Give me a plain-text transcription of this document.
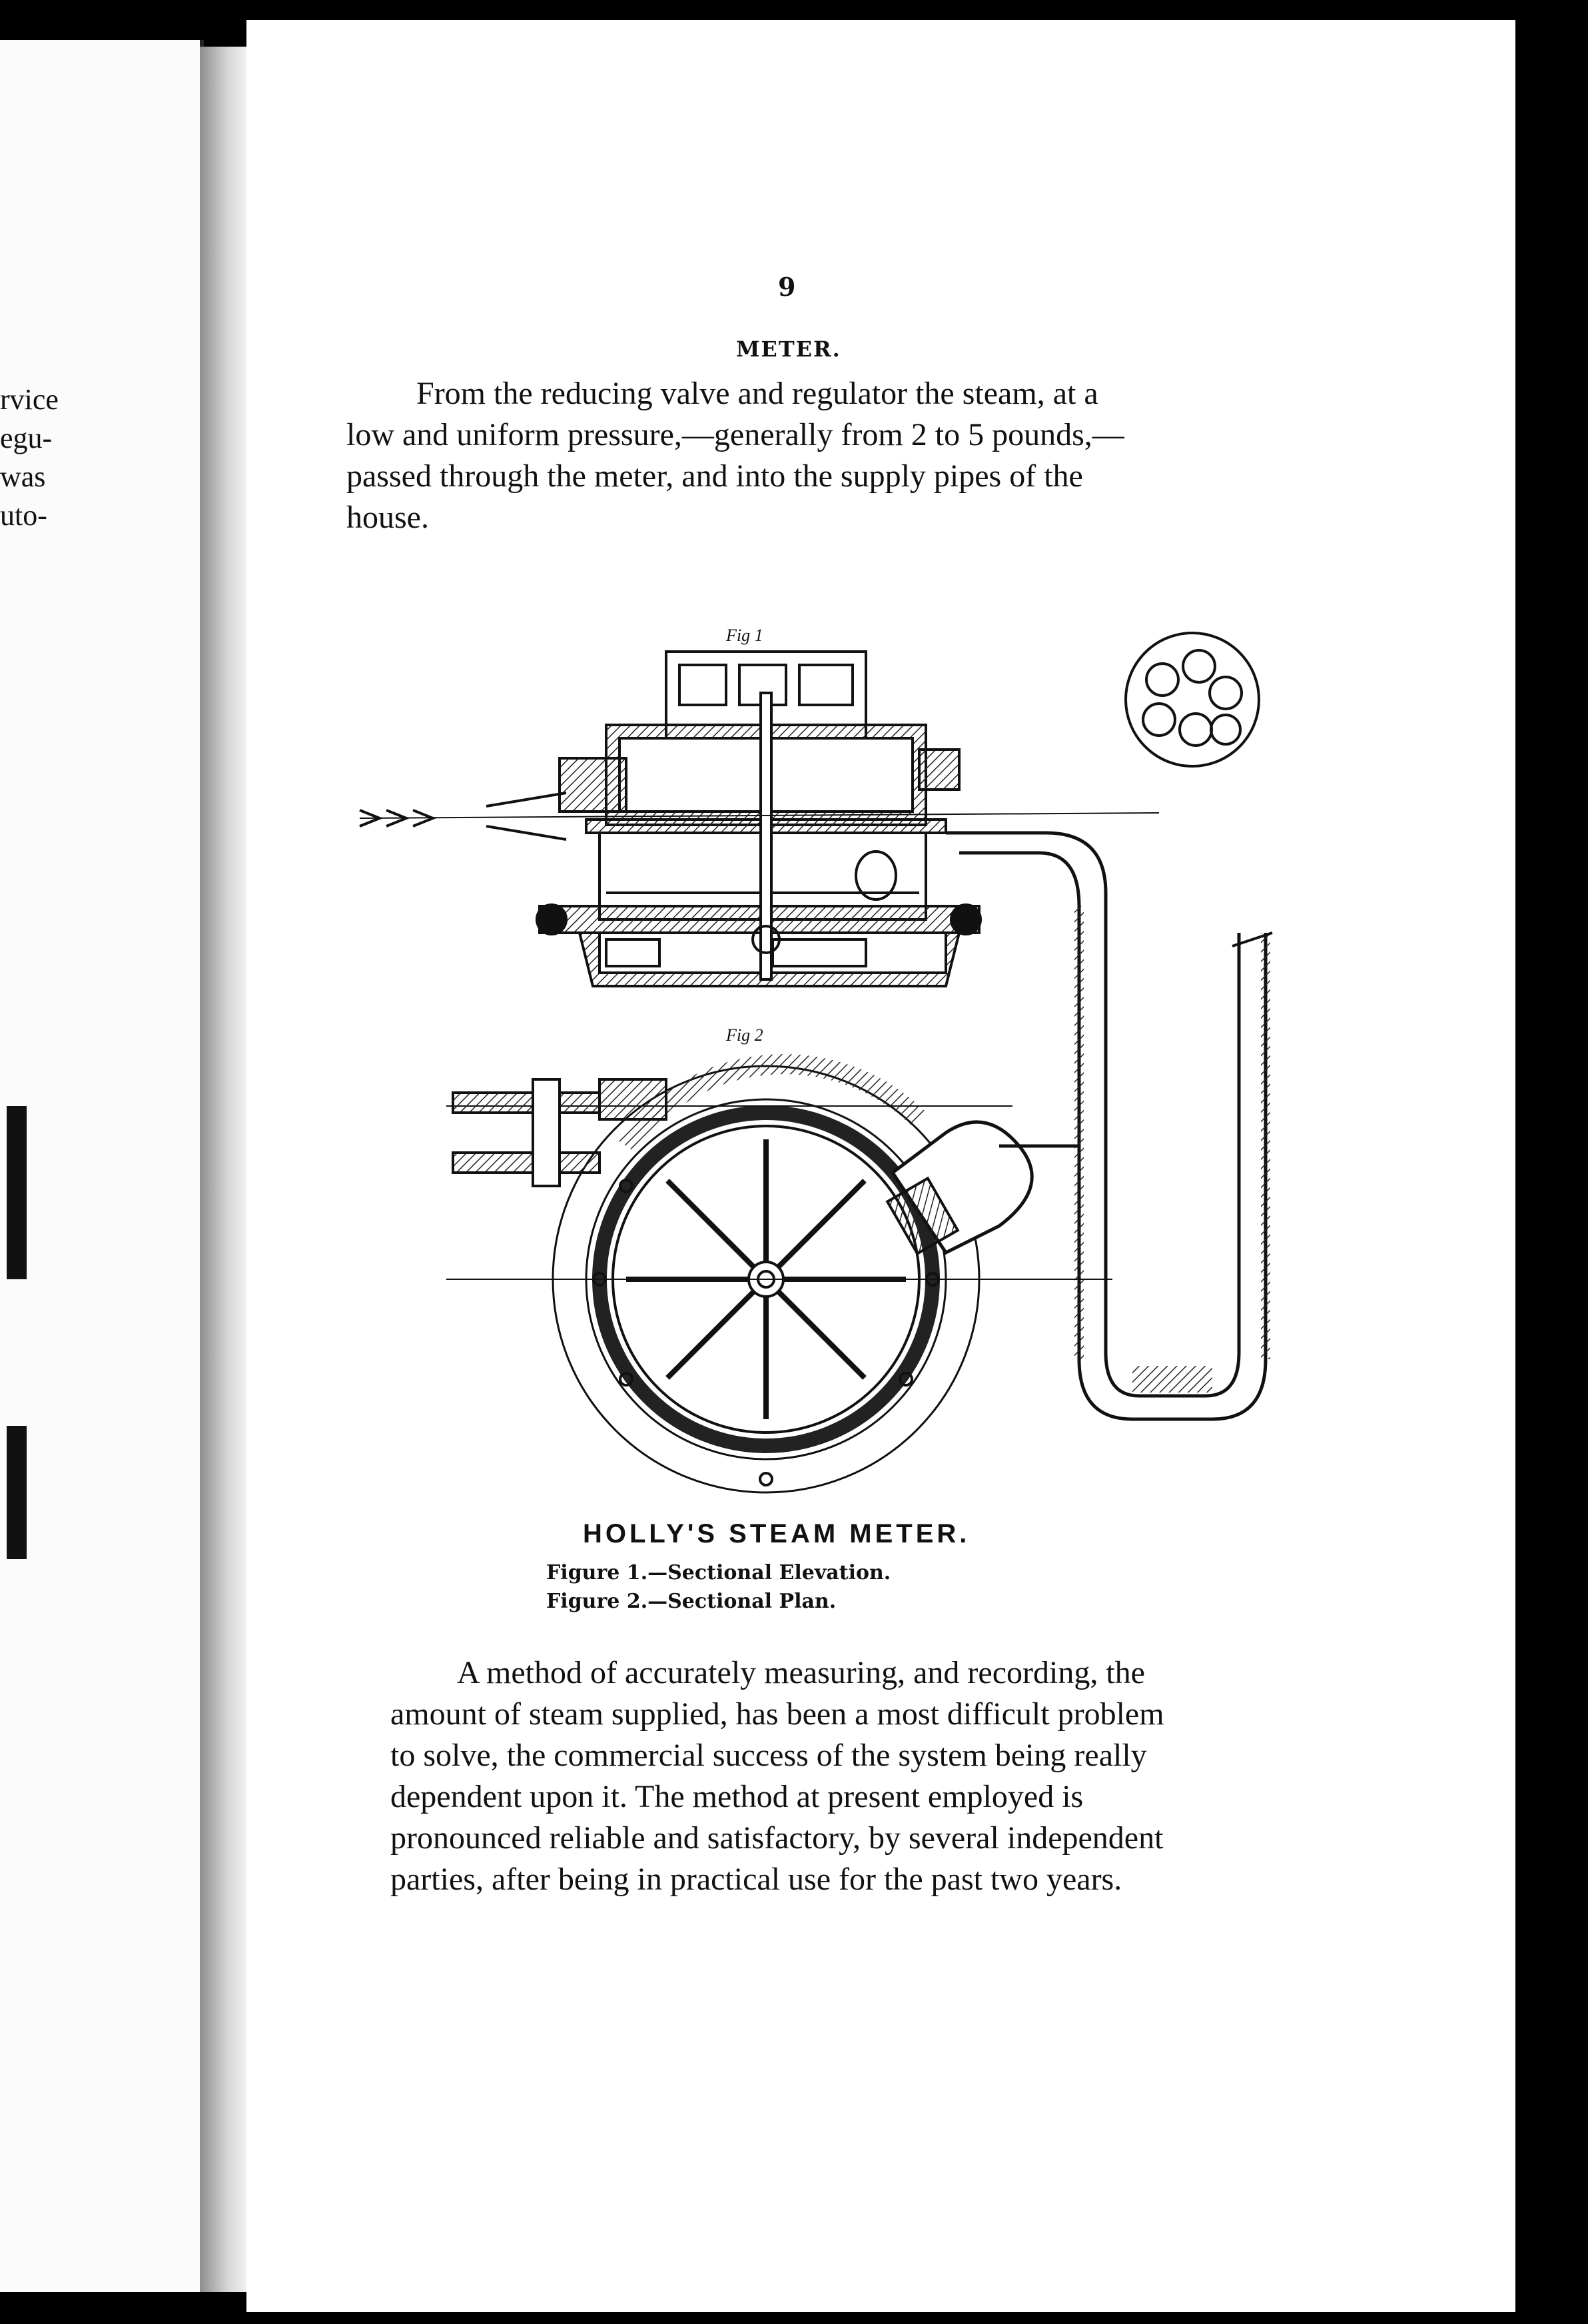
rvice
egu-
was
uto-
9
METER.
From the reducing valve and regulator the steam, at a
low and uniform pressure,—generally from 2 to 5 pounds,—
passed through the meter, and into the supply pipes of the
house.
Fig 1
Fig 2
HOLLY'S STEAM METER.
Figure 1.—Sectional Elevation.
Figure 2.—Sectional Plan.
A method of accurately measuring, and recording, the
amount of steam supplied, has been a most difficult problem
to solve, the commercial success of the system being really
dependent upon it. The method at present employed is
pronounced reliable and satisfactory, by several independent
parties, after being in practical use for the past two years.
